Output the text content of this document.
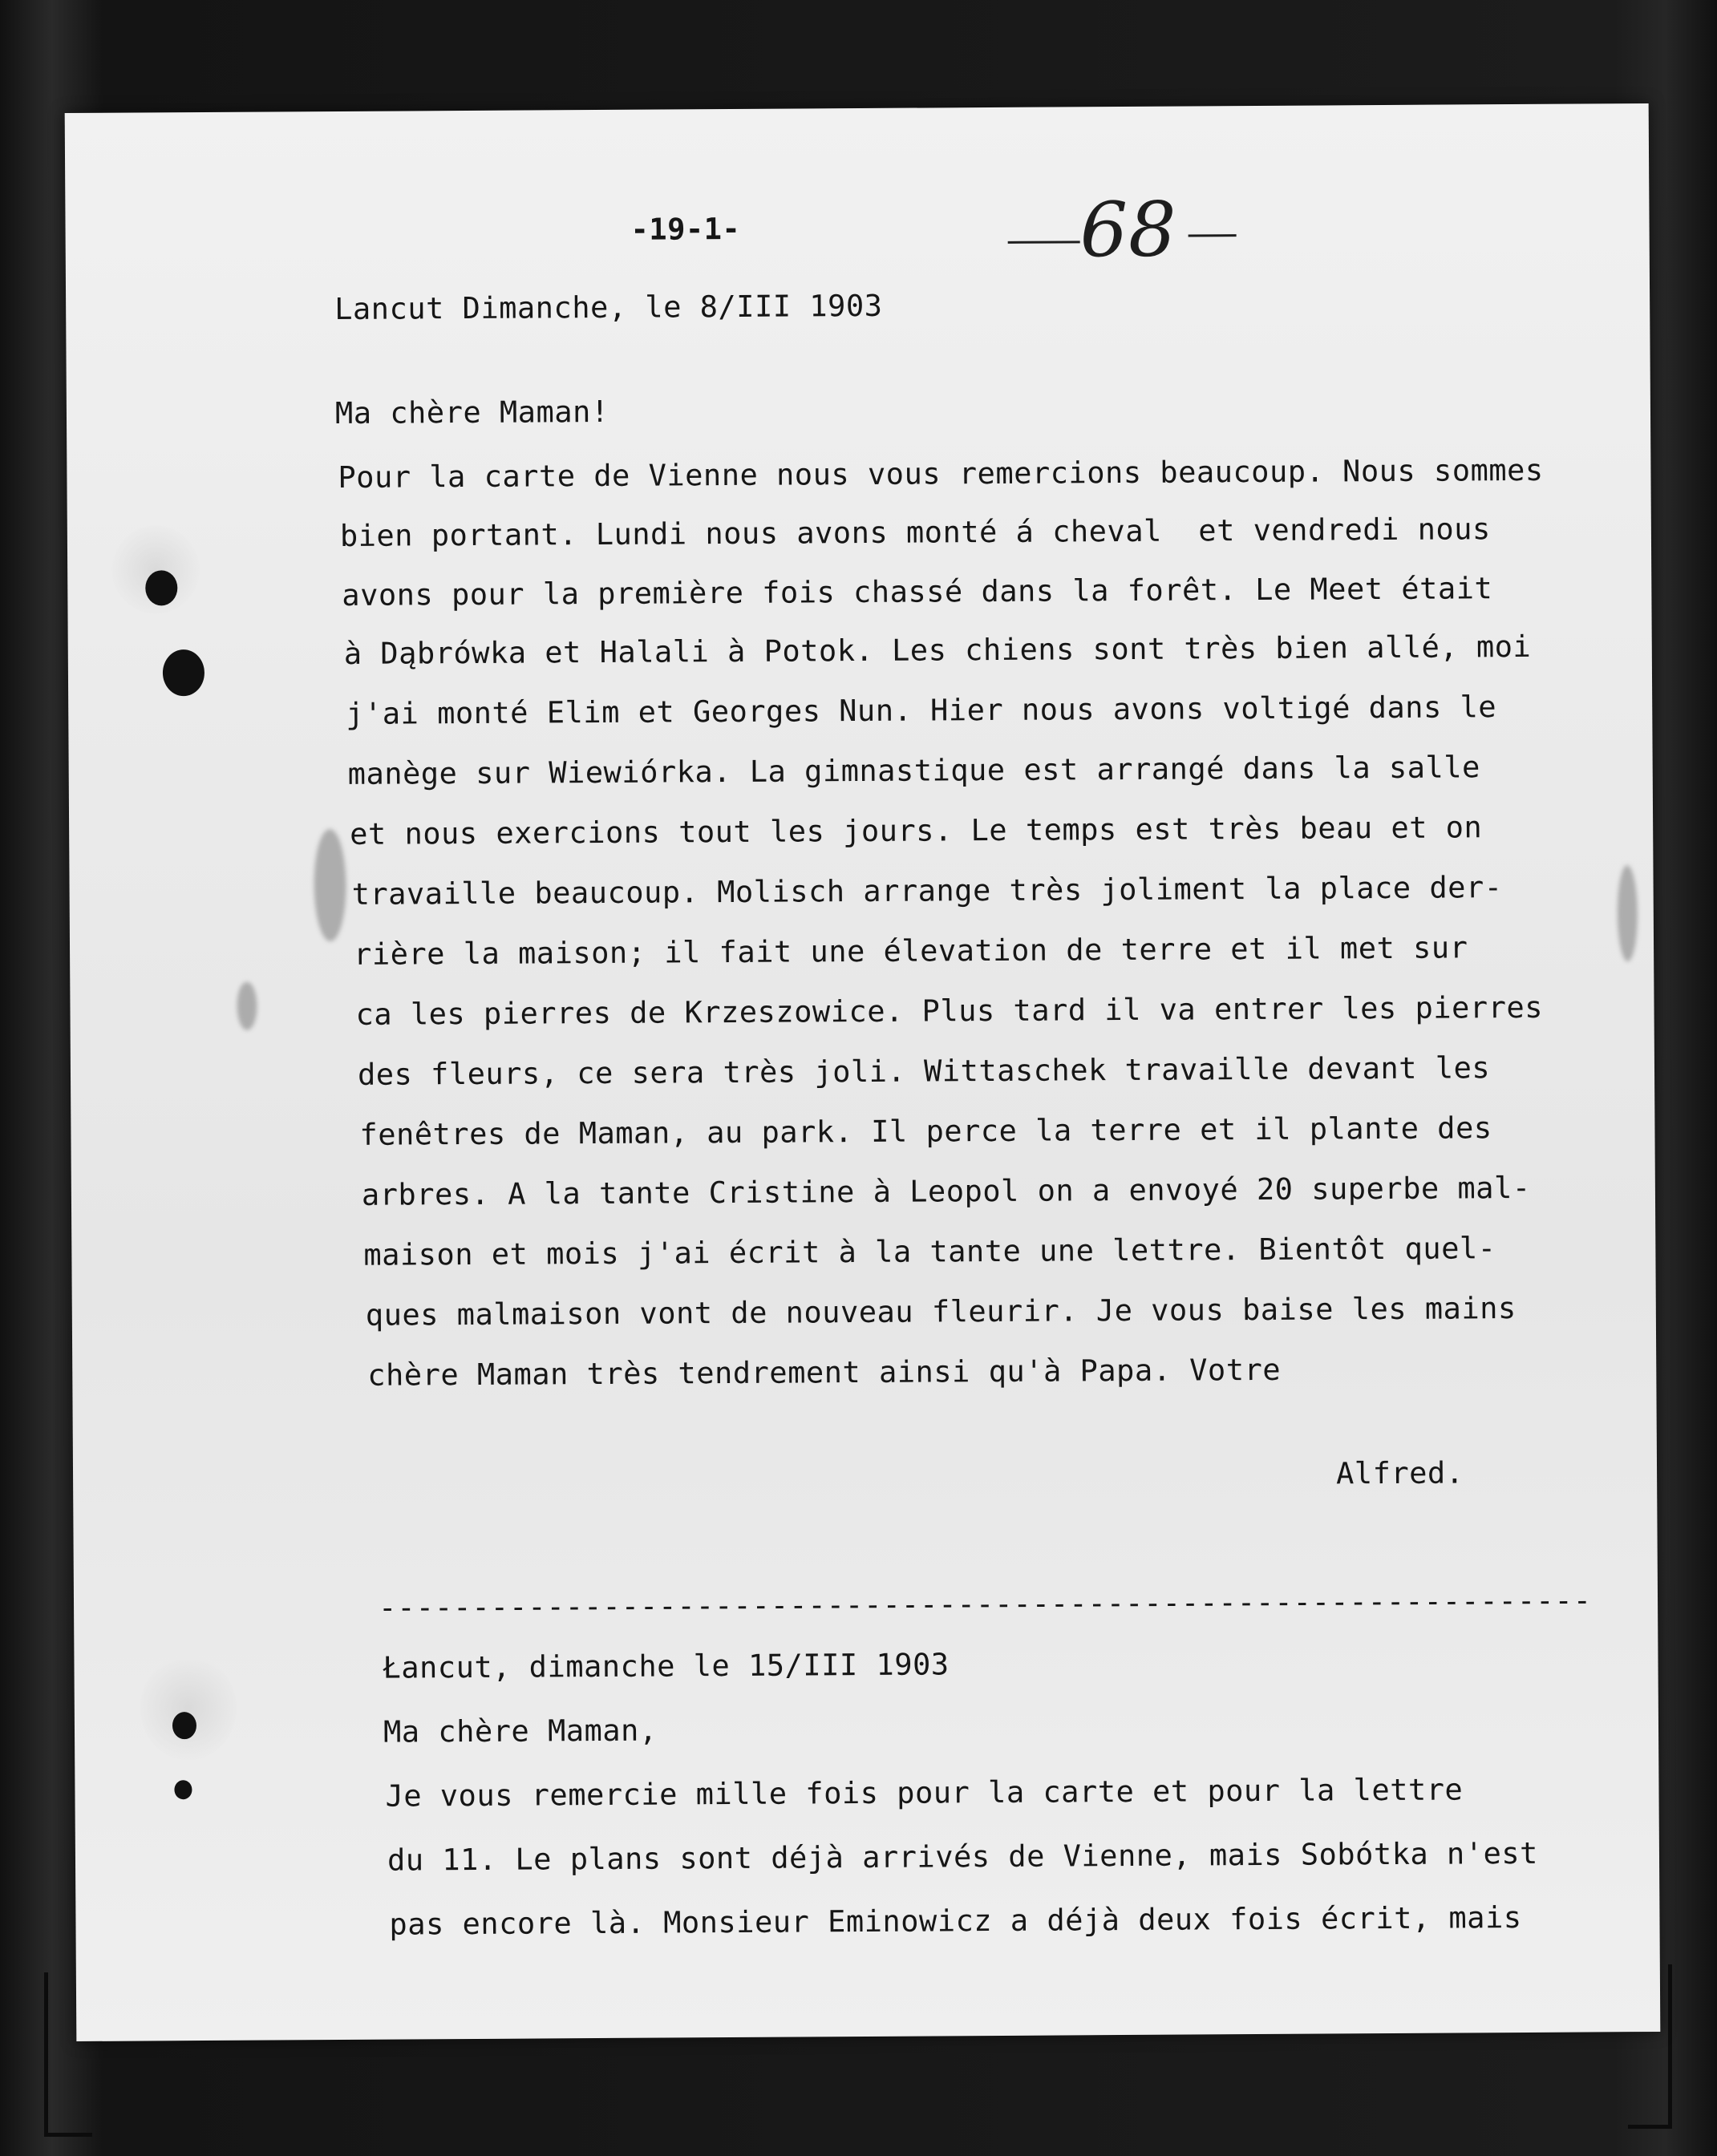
-19-1-	68
Lancut Dimanche, le 8/III 1903
Ma chère Maman!
Pour la carte de Vienne nous vous remercions beaucoup. Nous sommes
bien portant. Lundi nous avons monté á cheval  et vendredi nous
avons pour la première fois chassé dans la forêt. Le Meet était
à Dąbrówka et Halali à Potok. Les chiens sont très bien allé, moi
j'ai monté Elim et Georges Nun. Hier nous avons voltigé dans le
manège sur Wiewiórka. La gimnastique est arrangé dans la salle
et nous exercions tout les jours. Le temps est très beau et on
travaille beaucoup. Molisch arrange très joliment la place der-
rière la maison; il fait une élevation de terre et il met sur
ca les pierres de Krzeszowice. Plus tard il va entrer les pierres
des fleurs, ce sera très joli. Wittaschek travaille devant les
fenêtres de Maman, au park. Il perce la terre et il plante des
arbres. A la tante Cristine à Leopol on a envoyé 20 superbe mal-
maison et mois j'ai écrit à la tante une lettre. Bientôt quel-
ques malmaison vont de nouveau fleurir. Je vous baise les mains
chère Maman très tendrement ainsi qu'à Papa. Votre
Alfred.
-----------------------------------------------------------------
Łancut, dimanche le 15/III 1903
Ma chère Maman,
Je vous remercie mille fois pour la carte et pour la lettre
du 11. Le plans sont déjà arrivés de Vienne, mais Sobótka n'est
pas encore là. Monsieur Eminowicz a déjà deux fois écrit, mais
